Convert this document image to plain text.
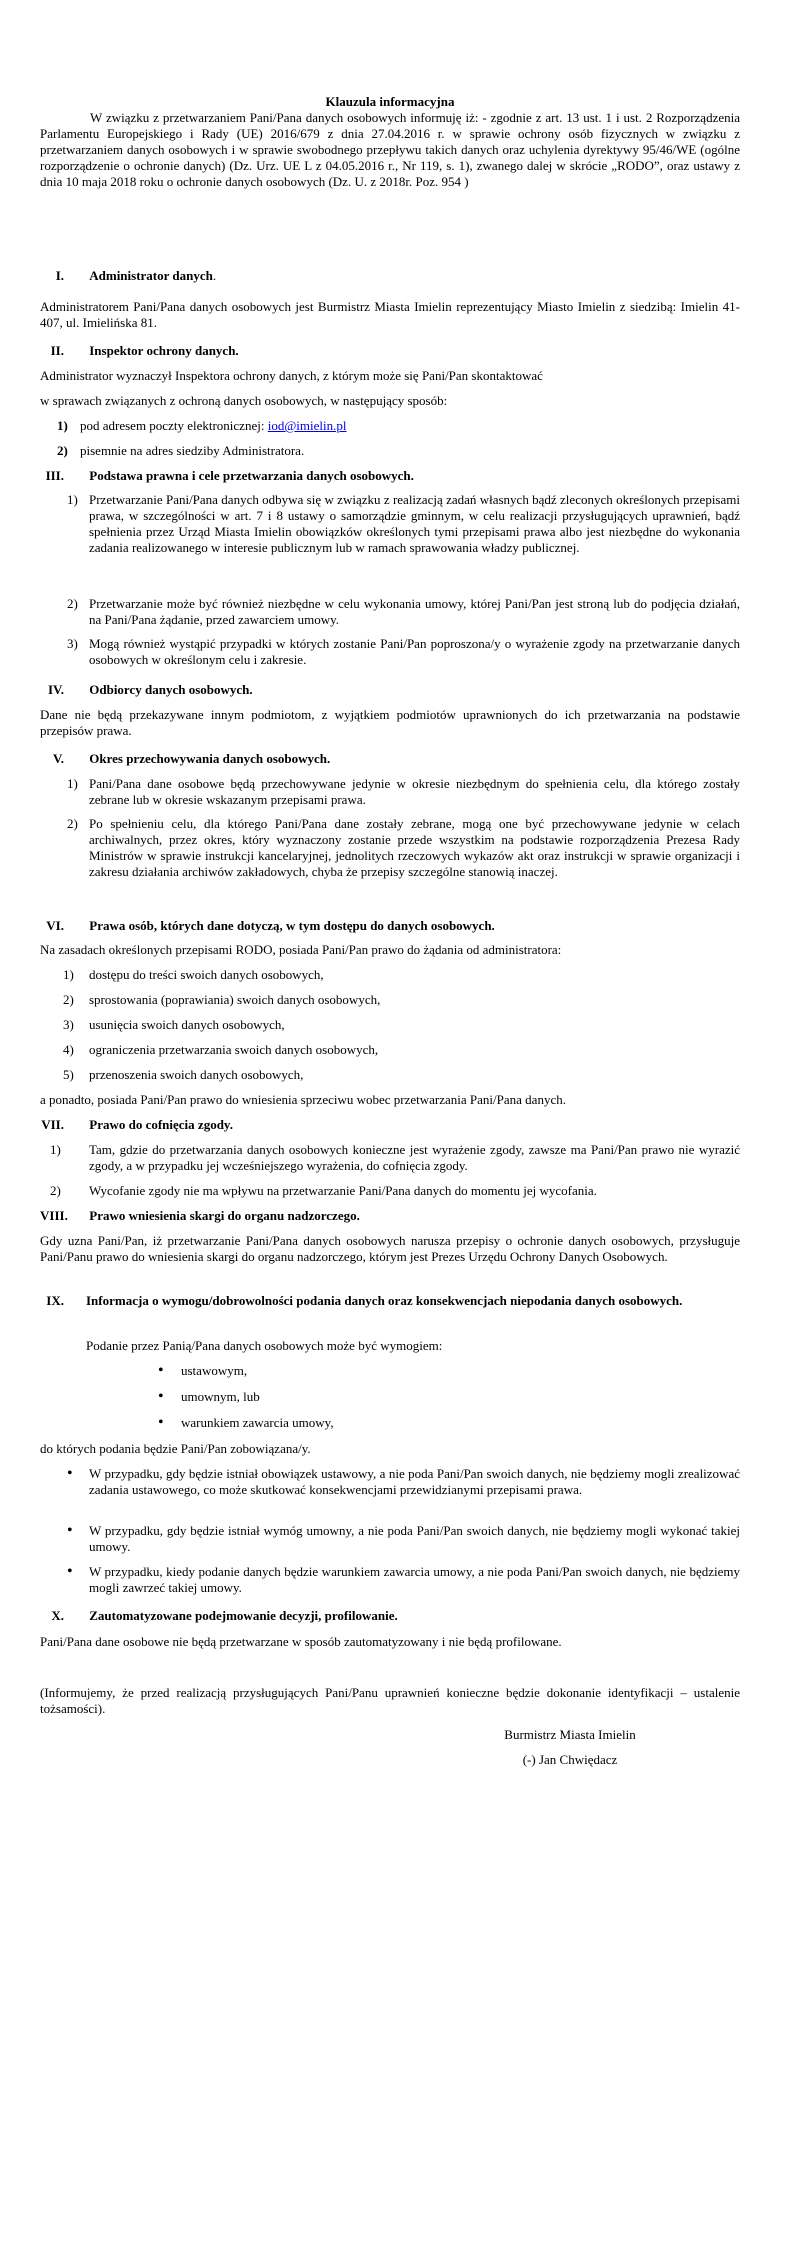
Klauzula informacyjna

W związku z przetwarzaniem Pani/Pana danych osobowych informuję iż: - zgodnie z art. 13 ust. 1 i ust. 2 Rozporządzenia Parlamentu Europejskiego i Rady (UE) 2016/679 z dnia 27.04.2016 r. w sprawie ochrony osób fizycznych w związku z przetwarzaniem danych osobowych i w sprawie swobodnego przepływu takich danych oraz uchylenia dyrektywy 95/46/WE (ogólne rozporządzenie o ochronie danych) (Dz. Urz. UE L z 04.05.2016 r., Nr 119, s. 1), zwanego dalej w skrócie „RODO”, oraz ustawy z dnia 10 maja 2018 roku o ochronie danych osobowych (Dz. U. z 2018r. Poz. 954 )

I. Administrator danych.

Administratorem Pani/Pana danych osobowych jest Burmistrz Miasta Imielin reprezentujący Miasto Imielin z siedzibą: Imielin 41-407, ul. Imielińska 81.

II. Inspektor ochrony danych.

Administrator wyznaczył Inspektora ochrony danych, z którym może się Pani/Pan skontaktować

w sprawach związanych z ochroną danych osobowych, w następujący sposób:

1) pod adresem poczty elektronicznej: iod@imielin.pl
2) pisemnie na adres siedziby Administratora.
III. Podstawa prawna i cele przetwarzania danych osobowych.
1) Przetwarzanie Pani/Pana danych odbywa się w związku z realizacją zadań własnych bądź zleconych określonych przepisami prawa, w szczególności w art. 7 i 8 ustawy o samorządzie gminnym, w celu realizacji przysługujących uprawnień, bądź spełnienia przez Urząd Miasta Imielin obowiązków określonych tymi przepisami prawa albo jest niezbędne do wykonania zadania realizowanego w interesie publicznym lub w ramach sprawowania władzy publicznej.
2) Przetwarzanie może być również niezbędne w celu wykonania umowy, której Pani/Pan jest stroną lub do podjęcia działań, na Pani/Pana żądanie, przed zawarciem umowy.
3) Mogą również wystąpić przypadki w których zostanie Pani/Pan poproszona/y o wyrażenie zgody na przetwarzanie danych osobowych w określonym celu i zakresie.
IV. Odbiorcy danych osobowych.

Dane nie będą przekazywane innym podmiotom, z wyjątkiem podmiotów uprawnionych do ich przetwarzania na podstawie przepisów prawa.

V. Okres przechowywania danych osobowych.
1) Pani/Pana dane osobowe będą przechowywane jedynie w okresie niezbędnym do spełnienia celu, dla którego zostały zebrane lub w okresie wskazanym przepisami prawa.
2) Po spełnieniu celu, dla którego Pani/Pana dane zostały zebrane, mogą one być przechowywane jedynie w celach archiwalnych, przez okres, który wyznaczony zostanie przede wszystkim na podstawie rozporządzenia Prezesa Rady Ministrów w sprawie instrukcji kancelaryjnej, jednolitych rzeczowych wykazów akt oraz instrukcji w sprawie organizacji i zakresu działania archiwów zakładowych, chyba że przepisy szczególne stanowią inaczej.
VI. Prawa osób, których dane dotyczą, w tym dostępu do danych osobowych.

Na zasadach określonych przepisami RODO, posiada Pani/Pan prawo do żądania od administratora:

1) dostępu do treści swoich danych osobowych,
2) sprostowania (poprawiania) swoich danych osobowych,
3) usunięcia swoich danych osobowych,
4) ograniczenia przetwarzania swoich danych osobowych,
5) przenoszenia swoich danych osobowych,

a ponadto, posiada Pani/Pan prawo do wniesienia sprzeciwu wobec przetwarzania Pani/Pana danych.

VII. Prawo do cofnięcia zgody.
1) Tam, gdzie do przetwarzania danych osobowych konieczne jest wyrażenie zgody, zawsze ma Pani/Pan prawo nie wyrazić zgody, a w przypadku jej wcześniejszego wyrażenia, do cofnięcia zgody.
2) Wycofanie zgody nie ma wpływu na przetwarzanie Pani/Pana danych do momentu jej wycofania.
VIII. Prawo wniesienia skargi do organu nadzorczego.

Gdy uzna Pani/Pan, iż przetwarzanie Pani/Pana danych osobowych narusza przepisy o ochronie danych osobowych, przysługuje Pani/Panu prawo do wniesienia skargi do organu nadzorczego, którym jest Prezes Urzędu Ochrony Danych Osobowych.

IX. Informacja o wymogu/dobrowolności podania danych oraz konsekwencjach niepodania danych osobowych.

Podanie przez Panią/Pana danych osobowych może być wymogiem:

• ustawowym,
• umownym, lub
• warunkiem zawarcia umowy,

do których podania będzie Pani/Pan zobowiązana/y.

• W przypadku, gdy będzie istniał obowiązek ustawowy, a nie poda Pani/Pan swoich danych, nie będziemy mogli zrealizować zadania ustawowego, co może skutkować konsekwencjami przewidzianymi przepisami prawa.
• W przypadku, gdy będzie istniał wymóg umowny, a nie poda Pani/Pan swoich danych, nie będziemy mogli wykonać takiej umowy.
• W przypadku, kiedy podanie danych będzie warunkiem zawarcia umowy, a nie poda Pani/Pan swoich danych, nie będziemy mogli zawrzeć takiej umowy.
X. Zautomatyzowane podejmowanie decyzji, profilowanie.

Pani/Pana dane osobowe nie będą przetwarzane w sposób zautomatyzowany i nie będą profilowane.

(Informujemy, że przed realizacją przysługujących Pani/Panu uprawnień konieczne będzie dokonanie identyfikacji – ustalenie tożsamości).

Burmistrz Miasta Imielin

(-) Jan Chwiędacz
